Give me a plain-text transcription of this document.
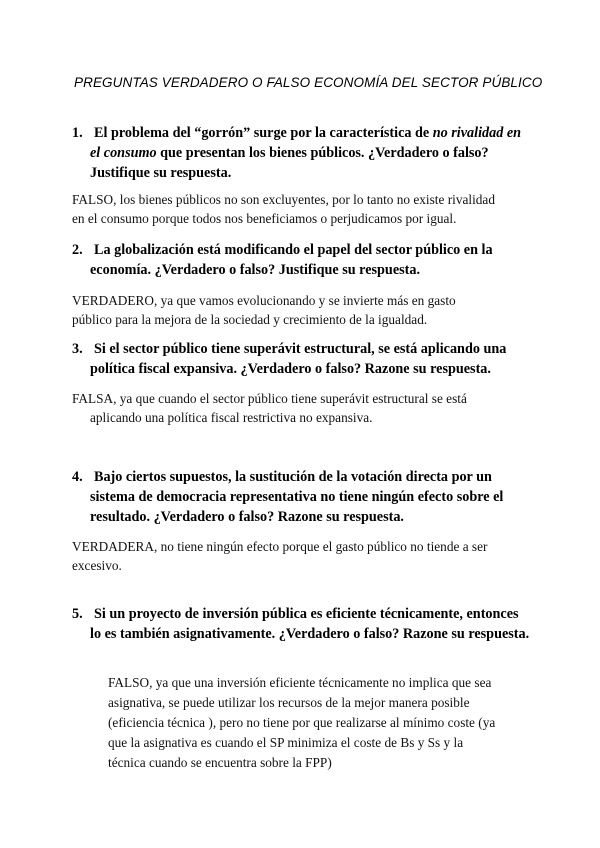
PREGUNTAS VERDADERO O FALSO ECONOMÍA DEL SECTOR PÚBLICO
1. El problema del “gorrón” surge por la característica de no rivalidad en
el consumo que presentan los bienes públicos. ¿Verdadero o falso?
Justifique su respuesta.
FALSO, los bienes públicos no son excluyentes, por lo tanto no existe rivalidad
en el consumo porque todos nos beneficiamos o perjudicamos por igual.
2. La globalización está modificando el papel del sector público en la
economía. ¿Verdadero o falso? Justifique su respuesta.
VERDADERO, ya que vamos evolucionando y se invierte más en gasto
público para la mejora de la sociedad y crecimiento de la igualdad.
3. Si el sector público tiene superávit estructural, se está aplicando una
política fiscal expansiva. ¿Verdadero o falso? Razone su respuesta.
FALSA, ya que cuando el sector público tiene superávit estructural se está
aplicando una política fiscal restrictiva no expansiva.
4. Bajo ciertos supuestos, la sustitución de la votación directa por un
sistema de democracia representativa no tiene ningún efecto sobre el
resultado. ¿Verdadero o falso? Razone su respuesta.
VERDADERA, no tiene ningún efecto porque el gasto público no tiende a ser
excesivo.
5. Si un proyecto de inversión pública es eficiente técnicamente, entonces
lo es también asignativamente. ¿Verdadero o falso? Razone su respuesta.
FALSO, ya que una inversión eficiente técnicamente no implica que sea
asignativa, se puede utilizar los recursos de la mejor manera posible
(eficiencia técnica ), pero no tiene por que realizarse al mínimo coste (ya
que la asignativa es cuando el SP minimiza el coste de Bs y Ss y la
técnica cuando se encuentra sobre la FPP)
